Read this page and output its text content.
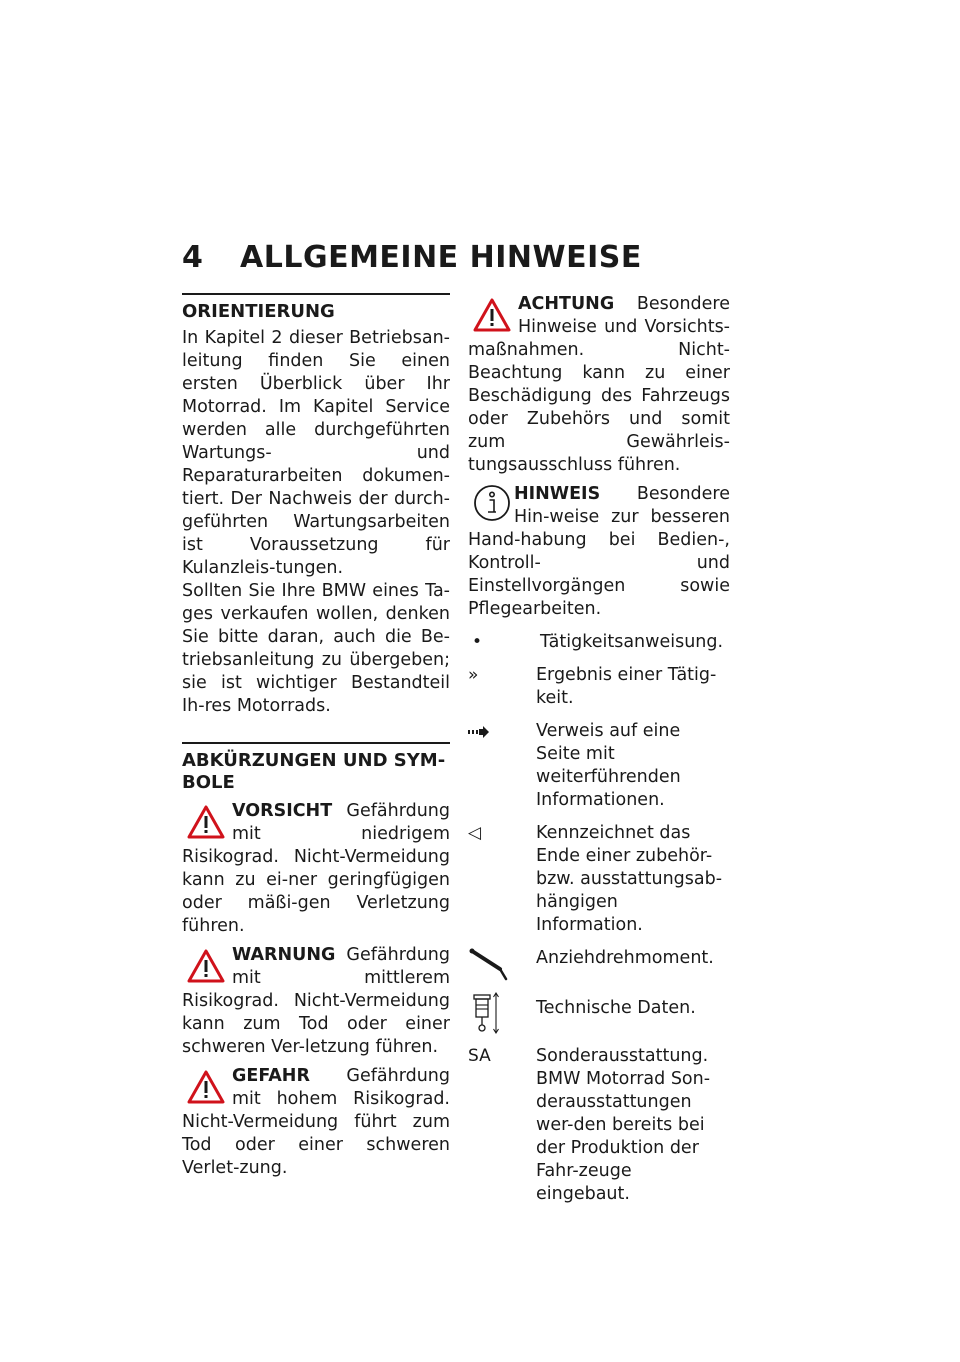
4 ALLGEMEINE HINWEISE
ORIENTIERUNG

In Kapitel 2 dieser Betriebsan-leitung finden Sie einen ersten Überblick über Ihr Motorrad. Im Kapitel Service werden alle durchgeführten Wartungs- und Reparaturarbeiten dokumen-tiert. Der Nachweis der durch-geführten Wartungsarbeiten ist Voraussetzung für Kulanzleis-tungen.

Sollten Sie Ihre BMW eines Ta-ges verkaufen wollen, denken Sie bitte daran, auch die Be-triebsanleitung zu übergeben; sie ist wichtiger Bestandteil Ih-res Motorrads.

ABKÜRZUNGEN UND SYM-BOLE

VORSICHT Gefährdung mit niedrigem Risikograd. Nicht-Vermeidung kann zu ei-ner geringfügigen oder mäßi-gen Verletzung führen.

WARNUNG Gefährdung mit mittlerem Risikograd. Nicht-Vermeidung kann zum Tod oder einer schweren Ver-letzung führen.

GEFAHR Gefährdung mit hohem Risikograd. Nicht-Vermeidung führt zum Tod oder einer schweren Verlet-zung.

ACHTUNG Besondere Hinweise und Vorsichts-maßnahmen. Nicht-Beachtung kann zu einer Beschädigung des Fahrzeugs oder Zubehörs und somit zum Gewährleis-tungsausschluss führen.

HINWEIS Besondere Hin-weise zur besseren Hand-habung bei Bedien-, Kontroll- und Einstellvorgängen sowie Pflegearbeiten.

•	Tätigkeitsanweisung.
»	Ergebnis einer Tätig-keit.
Verweis auf eine Seite mit weiterführenden Informationen.
◁	Kennzeichnet das Ende einer zubehör- bzw. ausstattungsab-hängigen Information.
Anziehdrehmoment.
Technische Daten.
SA	Sonderausstattung. BMW Motorrad Son-derausstattungen wer-den bereits bei der Produktion der Fahr-zeuge eingebaut.
